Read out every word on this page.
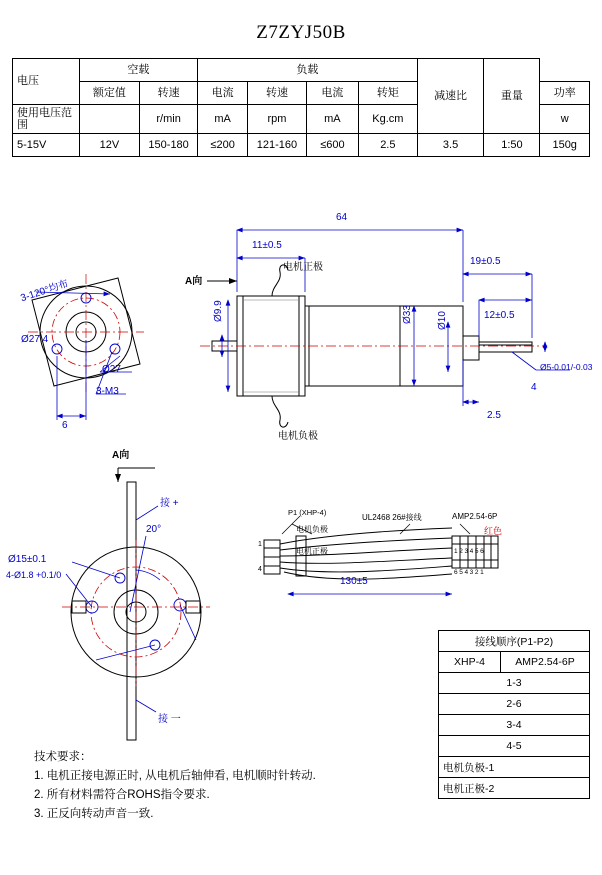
Z7ZYJ50B
电压	空载		负载				减速比	重量	
	额定值	转速	电流	转速	电流	转矩			功率
使用电压范围		r/min	mA	rpm	mA	Kg.cm			w
5-15V	12V	150-180	≤200	121-160	≤600	2.5	3.5	1:50	150g
64
11±0.5
19±0.5
12±0.5
Ø9.9
Ø27.4
Ø33 Ø10
2.5
4
Ø5-0.01/-0.03
电机正极
电机负极
A向
3-120°均布
Ø27
3-M3
6
A向
接 +
接 一
20°
Ø15±0.1
4-Ø1.8 +0.1/0
P1 (XHP-4)
UL2468 26#接线	AMP2.54-6P
红色
电机负极
电机正极
130±5
1
4
123456
654321
接线顺序(P1-P2)
XHP-4	AMP2.54-6P
1-3
2-6
3-4
4-5
电机负极-1
电机正极-2
技术要求：
1. 电机正接电源正时, 从电机后轴伸看, 电机顺时针转动.
2. 所有材料需符合ROHS指令要求.
3. 正反向转动声音一致.
